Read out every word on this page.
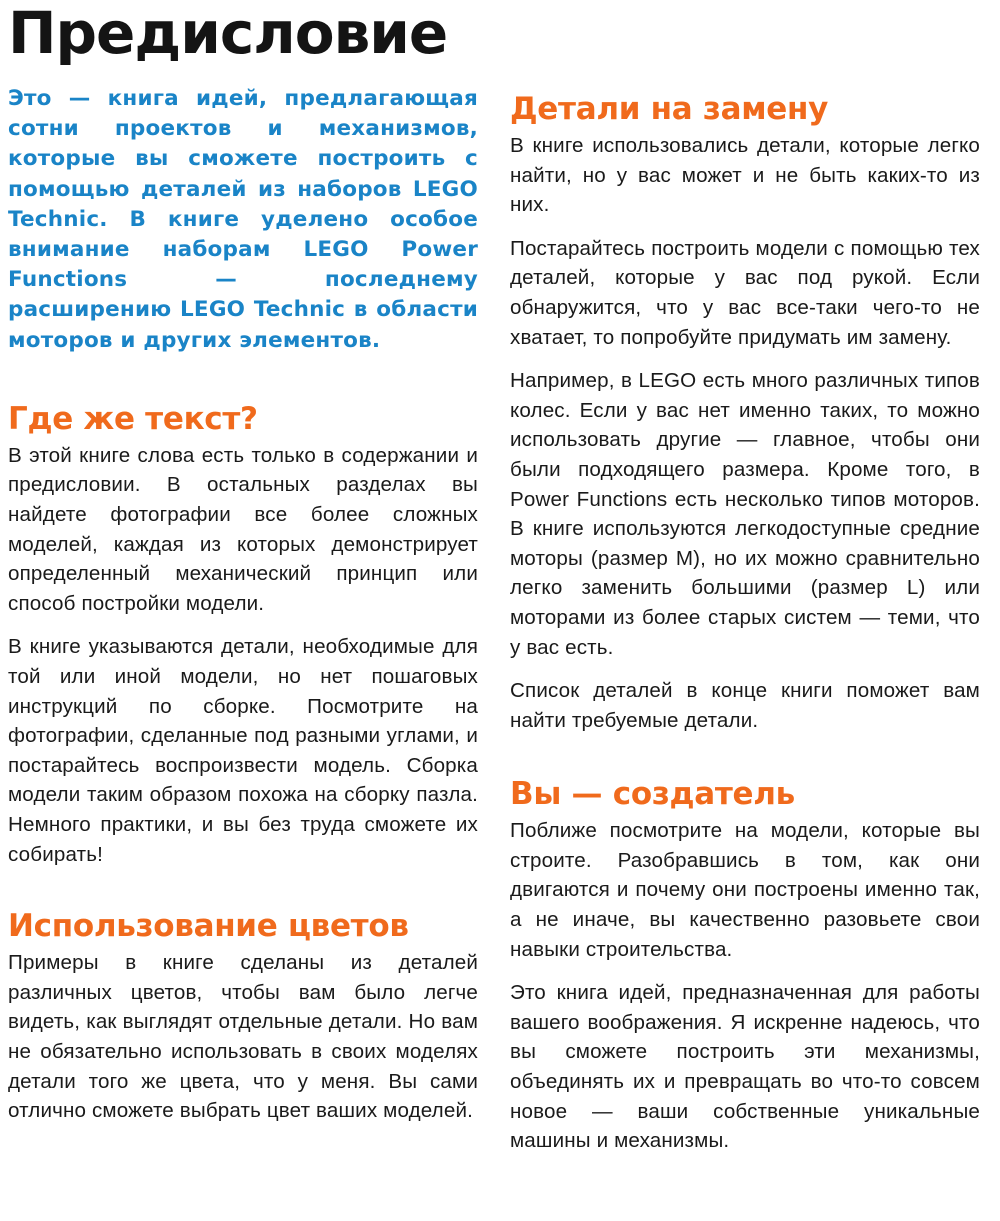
Предисловие

Это — книга идей, предлагающая сотни проектов и механизмов, которые вы сможете построить с помощью деталей из наборов LEGO Technic. В книге уделено особое внимание наборам LEGO Power Functions — последнему расширению LEGO Technic в области моторов и других элементов.

Где же текст?

В этой книге слова есть только в содержании и предисловии. В остальных разделах вы найдете фотографии все более сложных моделей, каждая из которых демонстрирует определенный механический принцип или способ постройки модели.

В книге указываются детали, необходимые для той или иной модели, но нет пошаговых инструкций по сборке. Посмотрите на фотографии, сделанные под разными углами, и постарайтесь воспроизвести модель. Сборка модели таким образом похожа на сборку пазла. Немного практики, и вы без труда сможете их собирать!

Использование цветов

Примеры в книге сделаны из деталей различных цветов, чтобы вам было легче видеть, как выглядят отдельные детали. Но вам не обязательно использовать в своих моделях детали того же цвета, что у меня. Вы сами отлично сможете выбрать цвет ваших моделей.

Детали на замену

В книге использовались детали, которые легко найти, но у вас может и не быть каких-то из них.

Постарайтесь построить модели с помощью тех деталей, которые у вас под рукой. Если обнаружится, что у вас все-таки чего-то не хватает, то попробуйте придумать им замену.

Например, в LEGO есть много различных типов колес. Если у вас нет именно таких, то можно использовать другие — главное, чтобы они были подходящего размера. Кроме того, в Power Functions есть несколько типов моторов. В книге используются легкодоступные средние моторы (размер M), но их можно сравнительно легко заменить большими (размер L) или моторами из более старых систем — теми, что у вас есть.

Список деталей в конце книги поможет вам найти требуемые детали.

Вы — создатель

Поближе посмотрите на модели, которые вы строите. Разобравшись в том, как они двигаются и почему они построены именно так, а не иначе, вы качественно разовьете свои навыки строительства.

Это книга идей, предназначенная для работы вашего воображения. Я искренне надеюсь, что вы сможете построить эти механизмы, объединять их и превращать во что-то совсем новое — ваши собственные уникальные машины и механизмы.
